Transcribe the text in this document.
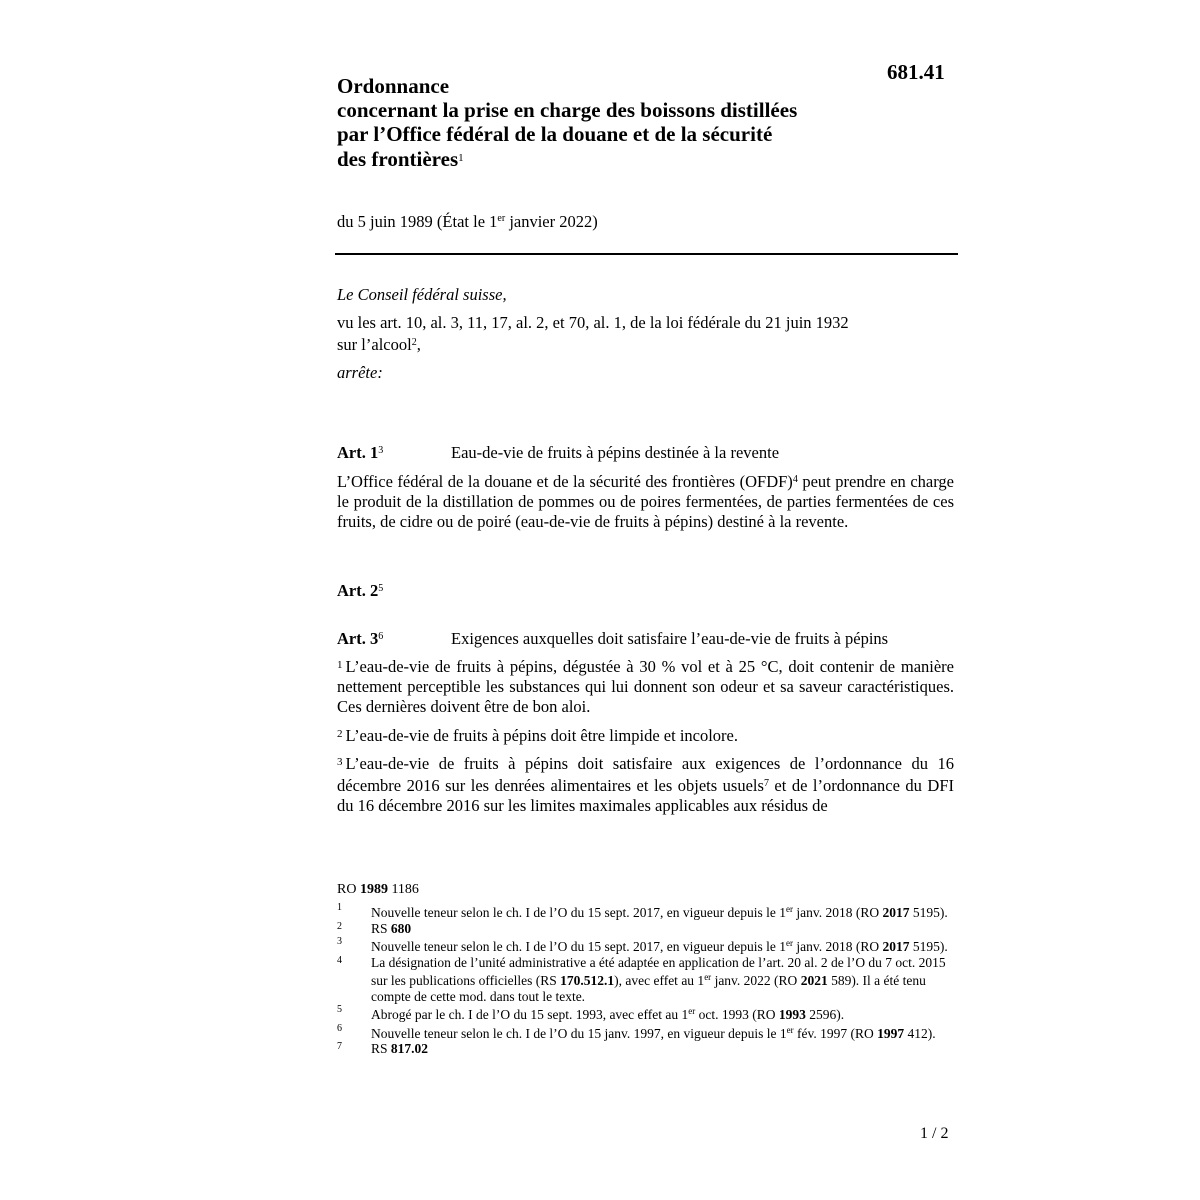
681.41
Ordonnance
concernant la prise en charge des boissons distillées
par l’Office fédéral de la douane et de la sécurité
des frontières$^1$
du 5 juin 1989 (État le 1er janvier 2022)

Le Conseil fédéral suisse,

vu les art. 10, al. 3, 11, 17, al. 2, et 70, al. 1, de la loi fédérale du 21 juin 1932
sur l’alcool$^2$,

arrête:

Art. $1^3$	Eau-de-vie de fruits à pépins destinée à la revente

L’Office fédéral de la douane et de la sécurité des frontières (OFDF)$^4$ peut prendre en charge le produit de la distillation de pommes ou de poires fermentées, de parties fermentées de ces fruits, de cidre ou de poiré (eau-de-vie de fruits à pépins) destiné à la revente.

Art. $2^5$
Art. $3^6$	Exigences auxquelles doit satisfaire l’eau-de-vie de fruits à pépins

$^1$ L’eau-de-vie de fruits à pépins, dégustée à 30 % vol et à 25 °C, doit contenir de manière nettement perceptible les substances qui lui donnent son odeur et sa saveur caractéristiques. Ces dernières doivent être de bon aloi.

$^2$ L’eau-de-vie de fruits à pépins doit être limpide et incolore.

$^3$ L’eau-de-vie de fruits à pépins doit satisfaire aux exigences de l’ordonnance du 16 décembre 2016 sur les denrées alimentaires et les objets usuels$^7$ et de l’ordonnance du DFI du 16 décembre 2016 sur les limites maximales applicables aux résidus de

RO 1989 1186
1	Nouvelle teneur selon le ch. I de l’O du 15 sept. 2017, en vigueur depuis le 1er janv. 2018 (RO 2017 5195).
2	RS 680
3	Nouvelle teneur selon le ch. I de l’O du 15 sept. 2017, en vigueur depuis le 1er janv. 2018 (RO 2017 5195).
4	La désignation de l’unité administrative a été adaptée en application de l’art. 20 al. 2 de l’O du 7 oct. 2015 sur les publications officielles (RS 170.512.1), avec effet au 1er janv. 2022 (RO 2021 589). Il a été tenu compte de cette mod. dans tout le texte.
5	Abrogé par le ch. I de l’O du 15 sept. 1993, avec effet au 1er oct. 1993 (RO 1993 2596).
6	Nouvelle teneur selon le ch. I de l’O du 15 janv. 1997, en vigueur depuis le 1er fév. 1997 (RO 1997 412).
7	RS 817.02
1 / 2
